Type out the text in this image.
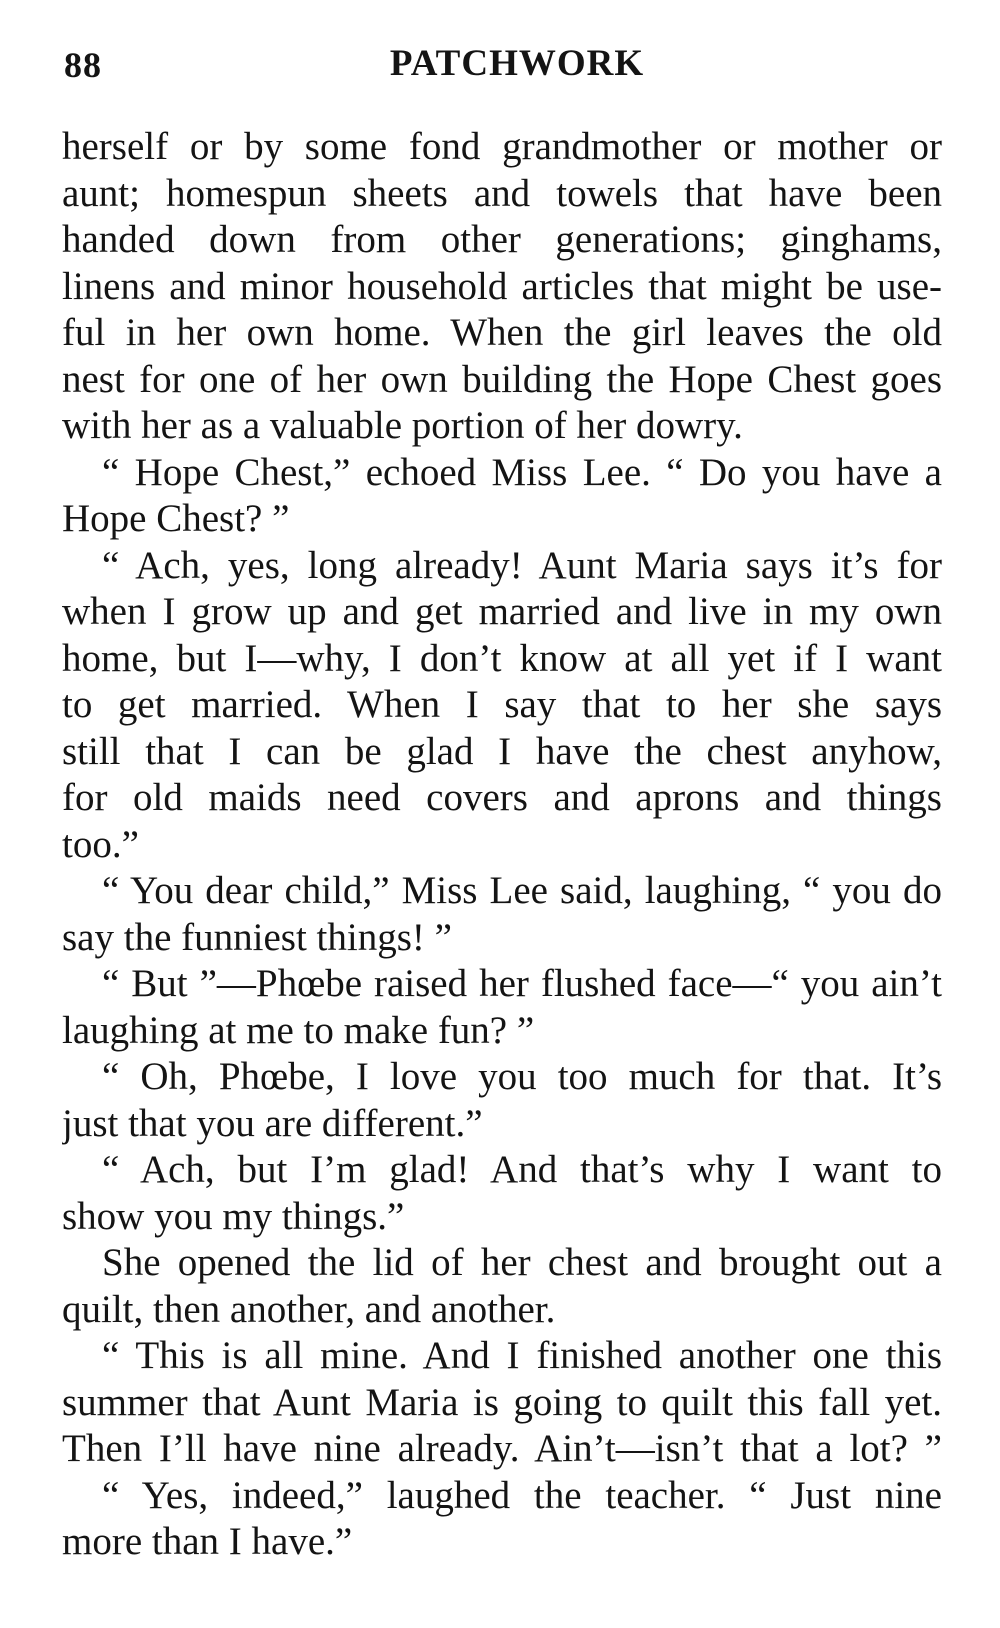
88	PATCHWORK
herself or by some fond grandmother or mother or
aunt; homespun sheets and towels that have been
handed down from other generations; ginghams,
linens and minor household articles that might be use-
ful in her own home. When the girl leaves the old
nest for one of her own building the Hope Chest goes
with her as a valuable portion of her dowry.
“ Hope Chest,” echoed Miss Lee. “ Do you have a
Hope Chest? ”
“ Ach, yes, long already! Aunt Maria says it’s for
when I grow up and get married and live in my own
home, but I—why, I don’t know at all yet if I want
to get married. When I say that to her she says
still that I can be glad I have the chest anyhow,
for old maids need covers and aprons and things
too.”
“ You dear child,” Miss Lee said, laughing, “ you do
say the funniest things! ”
“ But ”—Phœbe raised her flushed face—“ you ain’t
laughing at me to make fun? ”
“ Oh, Phœbe, I love you too much for that. It’s
just that you are different.”
“ Ach, but I’m glad! And that’s why I want to
show you my things.”
She opened the lid of her chest and brought out a
quilt, then another, and another.
“ This is all mine. And I finished another one this
summer that Aunt Maria is going to quilt this fall yet.
Then I’ll have nine already. Ain’t—isn’t that a lot? ”
“ Yes, indeed,” laughed the teacher. “ Just nine
more than I have.”
